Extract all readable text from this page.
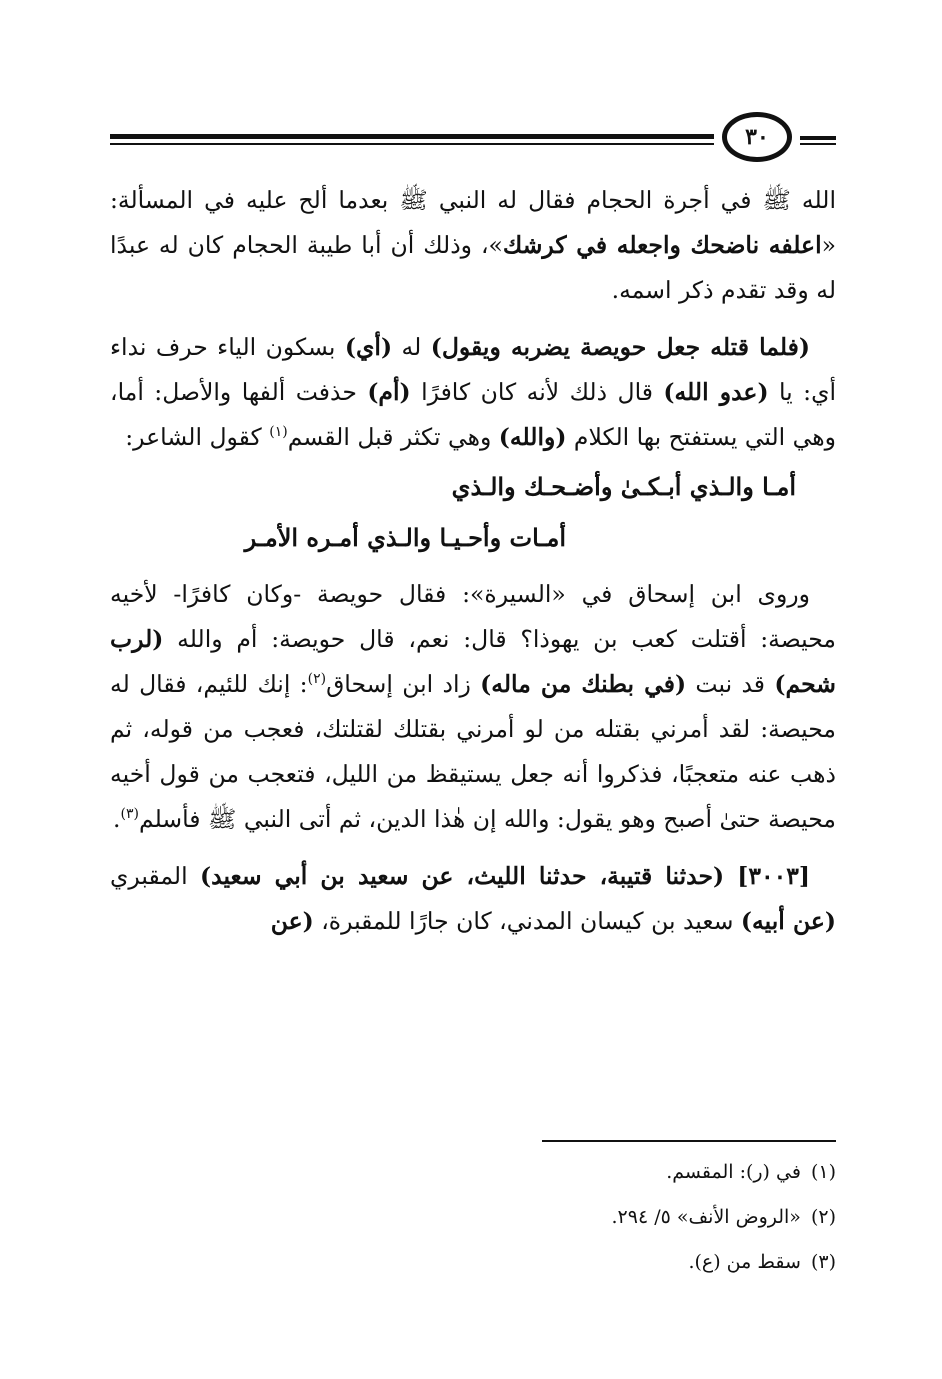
٣٠

الله ﷺ في أجرة الحجام فقال له النبي ﷺ بعدما ألح عليه في المسألة: «اعلفه ناضحك واجعله في كرشك»، وذلك أن أبا طيبة الحجام كان له عبدًا له وقد تقدم ذكر اسمه.

(فلما قتله جعل حويصة يضربه ويقول) له (أي) بسكون الياء حرف نداء أي: يا (عدو الله) قال ذلك لأنه كان كافرًا (أم) حذفت ألفها والأصل: أما، وهي التي يستفتح بها الكلام (والله) وهي تكثر قبل القسم$^{(١)}$ كقول الشاعر:

أمـا والـذي أبـكـىٰ وأضـحـك والـذي

أمـات وأحـيـا والـذي أمـره الأمـر

وروى ابن إسحاق في «السيرة»: فقال حويصة -وكان كافرًا- لأخيه محيصة: أقتلت كعب بن يهوذا؟ قال: نعم، قال حويصة: أم والله (لرب شحم) قد نبت (في بطنك من ماله) زاد ابن إسحاق$^{(٢)}$: إنك للئيم، فقال له محيصة: لقد أمرني بقتله من لو أمرني بقتلك لقتلتك، فعجب من قوله، ثم ذهب عنه متعجبًا، فذكروا أنه جعل يستيقظ من الليل، فتعجب من قول أخيه محيصة حتىٰ أصبح وهو يقول: والله إن هٰذا الدين، ثم أتى النبي ﷺ فأسلم$^{(٣)}$.

[٣٠٠٣] (حدثنا قتيبة، حدثنا الليث، عن سعيد بن أبي سعيد) المقبري (عن أبيه) سعيد بن كيسان المدني، كان جارًا للمقبرة، (عن

(١)في (ر): المقسم.
(٢)«الروض الأنف» ٥/ ٢٩٤.
(٣)سقط من (ع).
